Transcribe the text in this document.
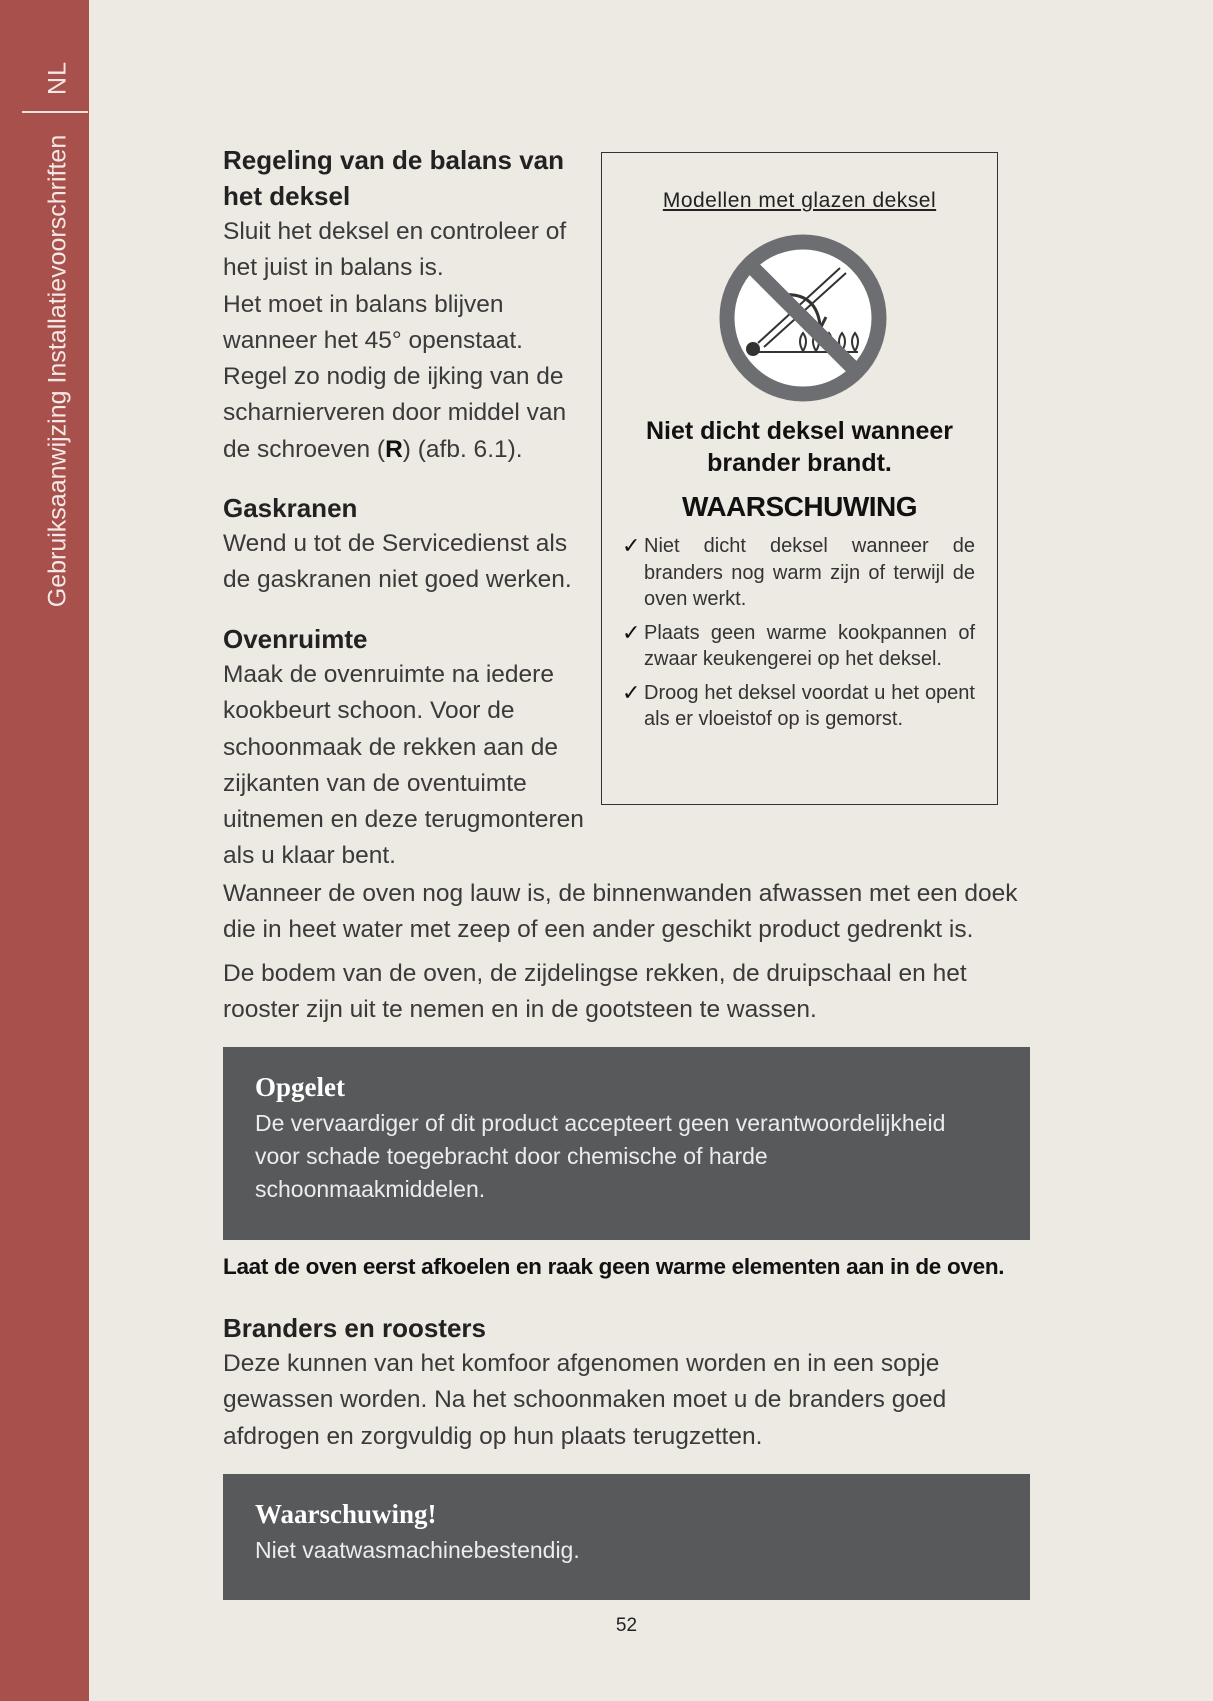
NL
Gebruiksaanwijzing Installatievoorschriften	Regeling van de balans van
het deksel
Sluit het deksel en controleer of
het juist in balans is.
Het moet in balans blijven
wanneer het 45° openstaat.
Regel zo nodig de ijking van de
scharnierveren door middel van
de schroeven (R) (afb. 6.1).
Gaskranen
Wend u tot de Servicedienst als
de gaskranen niet goed werken.
Ovenruimte
Maak de ovenruimte na iedere
kookbeurt schoon. Voor de
schoonmaak de rekken aan de
zijkanten van de oventuimte
uitnemen en deze terugmonteren
als u klaar bent.
Wanneer de oven nog lauw is, de binnenwanden afwassen met een doek
die in heet water met zeep of een ander geschikt product gedrenkt is.
De bodem van de oven, de zijdelingse rekken, de druipschaal en het
rooster zijn uit te nemen en in de gootsteen te wassen.
Modellen met glazen deksel
Niet dicht deksel wanneer
brander brandt.
WAARSCHUWING
✓ Niet dicht deksel wanneer de branders nog warm zijn of terwijl de oven werkt.
✓ Plaats geen warme kookpannen of zwaar keukengerei op het deksel.
✓ Droog het deksel voordat u het opent als er vloeistof op is gemorst.
Opgelet
De vervaardiger of dit product accepteert geen verantwoordelijkheid
voor schade toegebracht door chemische of harde
schoonmaakmiddelen.
Laat de oven eerst afkoelen en raak geen warme elementen aan in de oven.
Branders en roosters
Deze kunnen van het komfoor afgenomen worden en in een sopje
gewassen worden. Na het schoonmaken moet u de branders goed
afdrogen en zorgvuldig op hun plaats terugzetten.
Waarschuwing!
Niet vaatwasmachinebestendig.
52
